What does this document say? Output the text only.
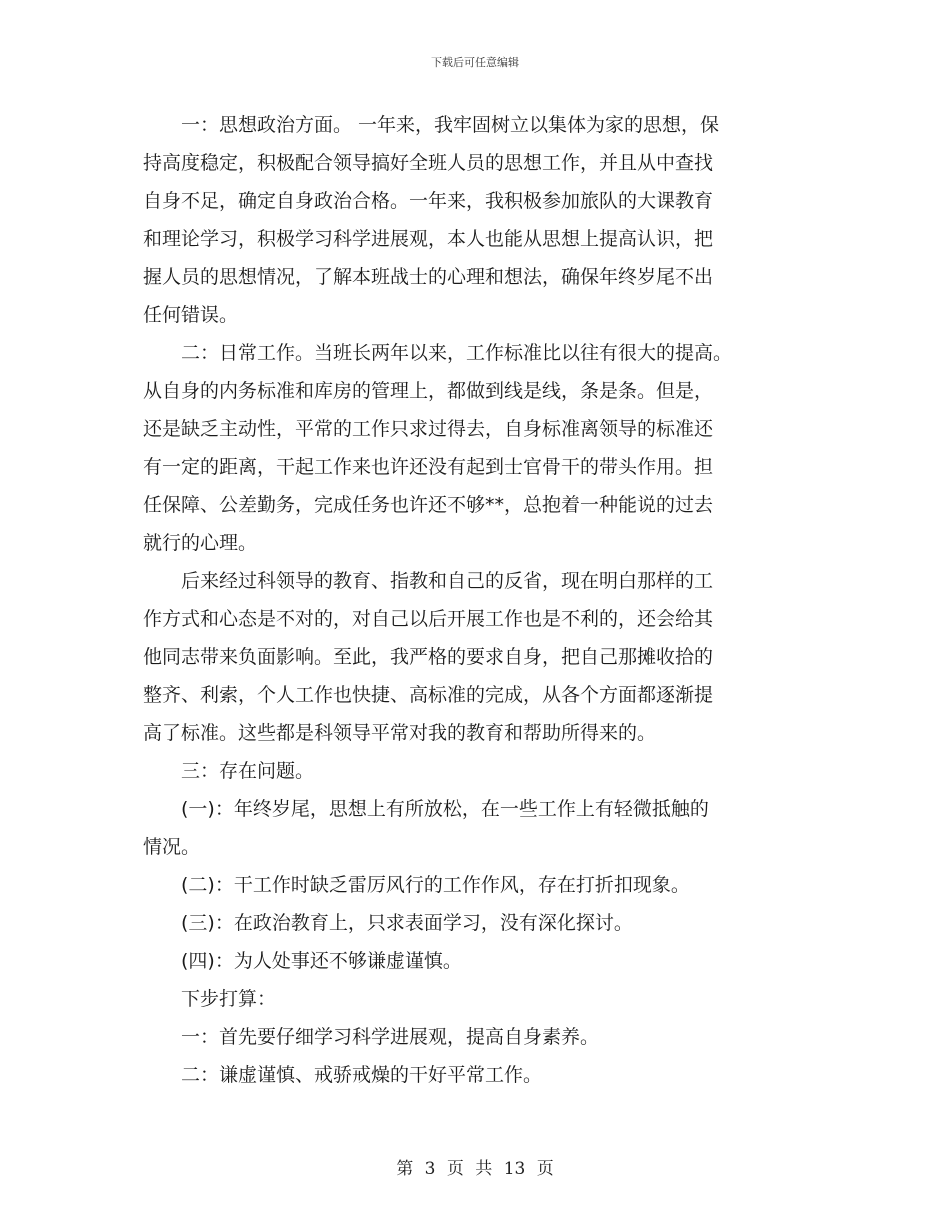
下载后可任意编辑

一：思想政治方面。 一年来，我牢固树立以集体为家的思想，保
持高度稳定，积极配合领导搞好全班人员的思想工作，并且从中查找
自身不足，确定自身政治合格。一年来，我积极参加旅队的大课教育
和理论学习，积极学习科学进展观，本人也能从思想上提高认识，把
握人员的思想情况，了解本班战士的心理和想法，确保年终岁尾不出
任何错误。

二：日常工作。当班长两年以来，工作标准比以往有很大的提高。
从自身的内务标准和库房的管理上，都做到线是线，条是条。但是，
还是缺乏主动性，平常的工作只求过得去，自身标准离领导的标准还
有一定的距离，干起工作来也许还没有起到士官骨干的带头作用。担
任保障、公差勤务，完成任务也许还不够**，总抱着一种能说的过去
就行的心理。

后来经过科领导的教育、指教和自己的反省，现在明白那样的工
作方式和心态是不对的，对自己以后开展工作也是不利的，还会给其
他同志带来负面影响。至此，我严格的要求自身，把自己那摊收拾的
整齐、利索，个人工作也快捷、高标准的完成，从各个方面都逐渐提
高了标准。这些都是科领导平常对我的教育和帮助所得来的。

三：存在问题。

(一)：年终岁尾，思想上有所放松，在一些工作上有轻微抵触的
情况。

(二)：干工作时缺乏雷厉风行的工作作风，存在打折扣现象。

(三)：在政治教育上，只求表面学习，没有深化探讨。

(四)：为人处事还不够谦虚谨慎。

下步打算：

一：首先要仔细学习科学进展观，提高自身素养。

二：谦虚谨慎、戒骄戒燥的干好平常工作。

第 3 页 共 13 页
